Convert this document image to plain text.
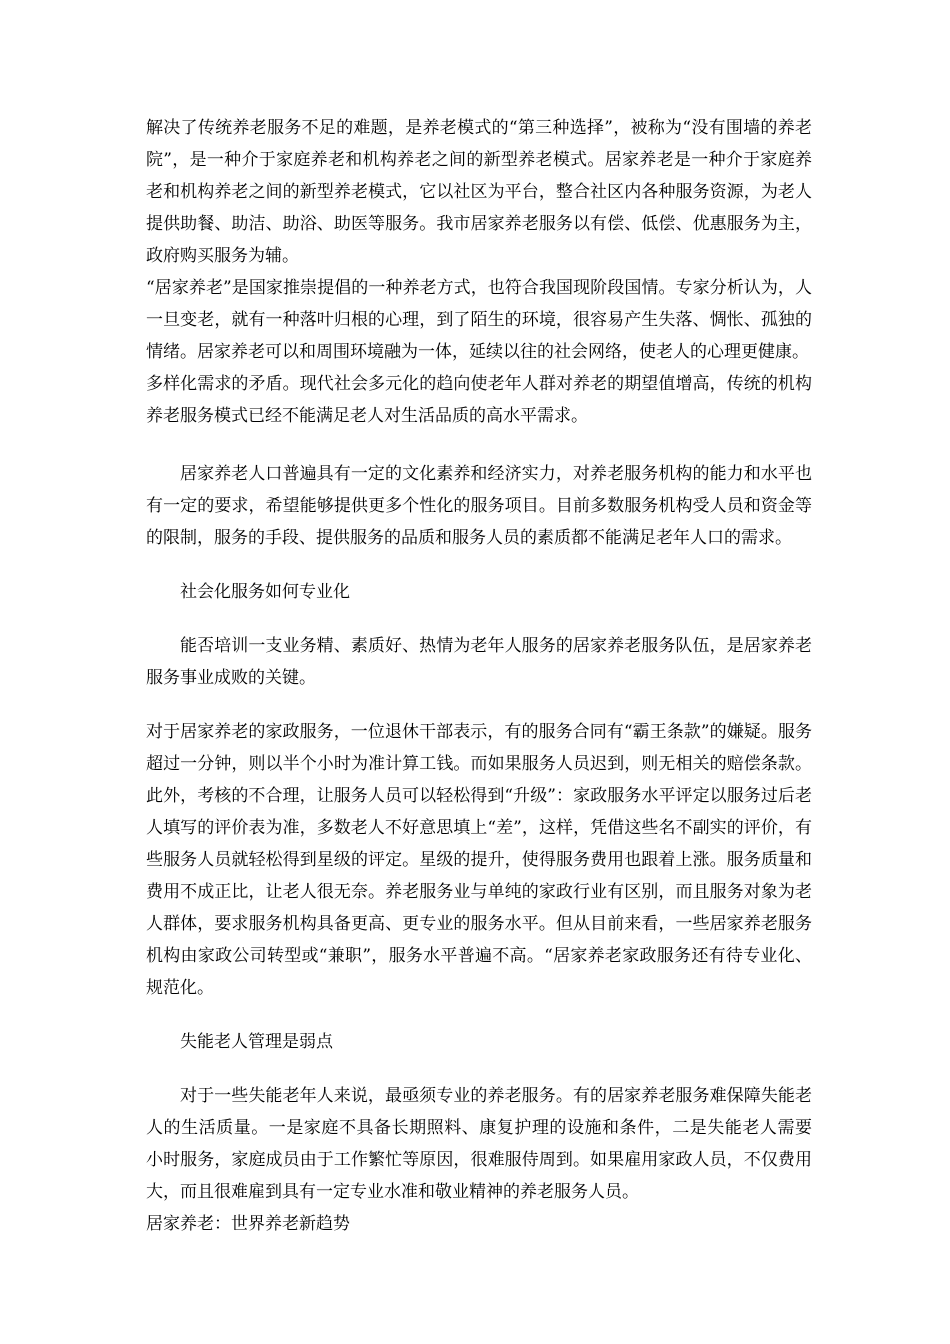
解决了传统养老服务不足的难题，是养老模式的“第三种选择”，被称为“没有围墙的养老院”，是一种介于家庭养老和机构养老之间的新型养老模式。居家养老是一种介于家庭养老和机构养老之间的新型养老模式，它以社区为平台，整合社区内各种服务资源，为老人提供助餐、助洁、助浴、助医等服务。我市居家养老服务以有偿、低偿、优惠服务为主，政府购买服务为辅。

“居家养老”是国家推崇提倡的一种养老方式，也符合我国现阶段国情。专家分析认为，人一旦变老，就有一种落叶归根的心理，到了陌生的环境，很容易产生失落、惆怅、孤独的情绪。居家养老可以和周围环境融为一体，延续以往的社会网络，使老人的心理更健康。

多样化需求的矛盾。现代社会多元化的趋向使老年人群对养老的期望值增高，传统的机构养老服务模式已经不能满足老人对生活品质的高水平需求。

居家养老人口普遍具有一定的文化素养和经济实力，对养老服务机构的能力和水平也有一定的要求，希望能够提供更多个性化的服务项目。目前多数服务机构受人员和资金等的限制，服务的手段、提供服务的品质和服务人员的素质都不能满足老年人口的需求。

社会化服务如何专业化

能否培训一支业务精、素质好、热情为老年人服务的居家养老服务队伍，是居家养老服务事业成败的关键。

对于居家养老的家政服务，一位退休干部表示，有的服务合同有“霸王条款”的嫌疑。服务超过一分钟，则以半个小时为准计算工钱。而如果服务人员迟到，则无相关的赔偿条款。此外，考核的不合理，让服务人员可以轻松得到“升级”：家政服务水平评定以服务过后老人填写的评价表为准，多数老人不好意思填上“差”，这样，凭借这些名不副实的评价，有些服务人员就轻松得到星级的评定。星级的提升，使得服务费用也跟着上涨。服务质量和费用不成正比，让老人很无奈。养老服务业与单纯的家政行业有区别，而且服务对象为老人群体，要求服务机构具备更高、更专业的服务水平。但从目前来看，一些居家养老服务机构由家政公司转型或“兼职”，服务水平普遍不高。“居家养老家政服务还有待专业化、规范化。

失能老人管理是弱点

对于一些失能老年人来说，最亟须专业的养老服务。有的居家养老服务难保障失能老人的生活质量。一是家庭不具备长期照料、康复护理的设施和条件，二是失能老人需要　　小时服务，家庭成员由于工作繁忙等原因，很难服侍周到。如果雇用家政人员，不仅费用大，而且很难雇到具有一定专业水准和敬业精神的养老服务人员。

居家养老：世界养老新趋势
